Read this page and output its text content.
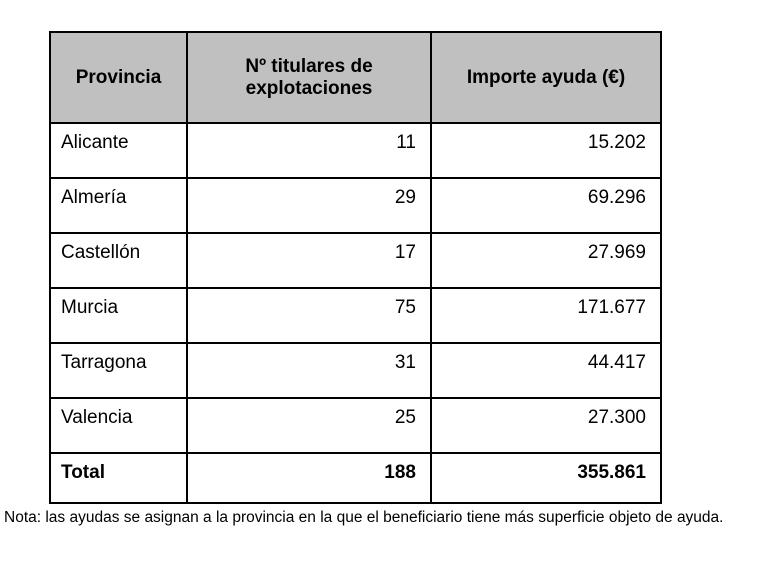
Provincia	Nº titulares de explotaciones	Importe ayuda (€)
Alicante	11	15.202
Almería	29	69.296
Castellón	17	27.969
Murcia	75	171.677
Tarragona	31	44.417
Valencia	25	27.300
Total	188	355.861
Nota: las ayudas se asignan a la provincia en la que el beneficiario tiene más superficie objeto de ayuda.
